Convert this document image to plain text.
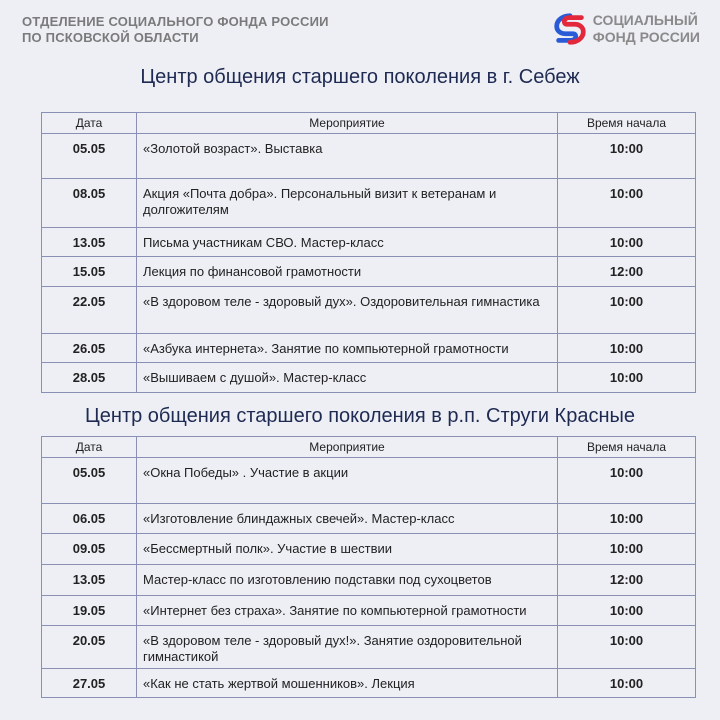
ОТДЕЛЕНИЕ СОЦИАЛЬНОГО ФОНДА РОССИИ
ПО ПСКОВСКОЙ ОБЛАСТИ
СОЦИАЛЬНЫЙ
ФОНД РОССИИ
Центр общения старшего поколения в г. Себеж
Дата	Мероприятие	Время начала
05.05	«Золотой возраст». Выставка	10:00
08.05	Акция «Почта добра». Персональный визит к ветеранам и долгожителям	10:00
13.05	Письма участникам СВО. Мастер-класс	10:00
15.05	Лекция по финансовой грамотности	12:00
22.05	«В здоровом теле - здоровый дух». Оздоровительная гимнастика	10:00
26.05	«Азбука интернета». Занятие по компьютерной грамотности	10:00
28.05	«Вышиваем с душой». Мастер-класс	10:00
Центр общения старшего поколения в р.п. Струги Красные
Дата	Мероприятие	Время начала
05.05	«Окна Победы» . Участие в акции	10:00
06.05	«Изготовление блиндажных свечей». Мастер-класс	10:00
09.05	«Бессмертный полк». Участие в шествии	10:00
13.05	Мастер-класс по изготовлению подставки под сухоцветов	12:00
19.05	«Интернет без страха». Занятие по компьютерной грамотности	10:00
20.05	«В здоровом теле - здоровый дух!». Занятие оздоровительной гимнастикой	10:00
27.05	«Как не стать жертвой мошенников». Лекция	10:00
